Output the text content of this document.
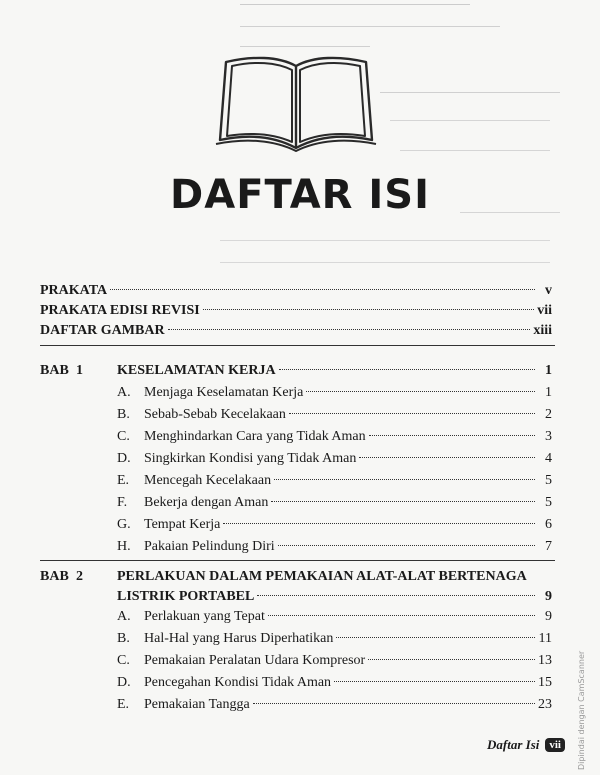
DAFTAR ISI
PRAKATA	v
PRAKATA EDISI REVISI	vii
DAFTAR GAMBAR	xiii
BAB 1 KESELAMATAN KERJA	1
A. Menjaga Keselamatan Kerja	1
B. Sebab-Sebab Kecelakaan	2
C. Menghindarkan Cara yang Tidak Aman	3
D. Singkirkan Kondisi yang Tidak Aman	4
E. Mencegah Kecelakaan	5
F. Bekerja dengan Aman	5
G. Tempat Kerja	6
H. Pakaian Pelindung Diri	7
BAB 2 PERLAKUAN DALAM PEMAKAIAN ALAT-ALAT BERTENAGA
LISTRIK PORTABEL	9
A. Perlakuan yang Tepat	9
B. Hal-Hal yang Harus Diperhatikan	11
C. Pemakaian Peralatan Udara Kompresor	13
D. Pencegahan Kondisi Tidak Aman	15
E. Pemakaian Tangga	23
Daftar Isi vii	Dipindai dengan CamScanner
